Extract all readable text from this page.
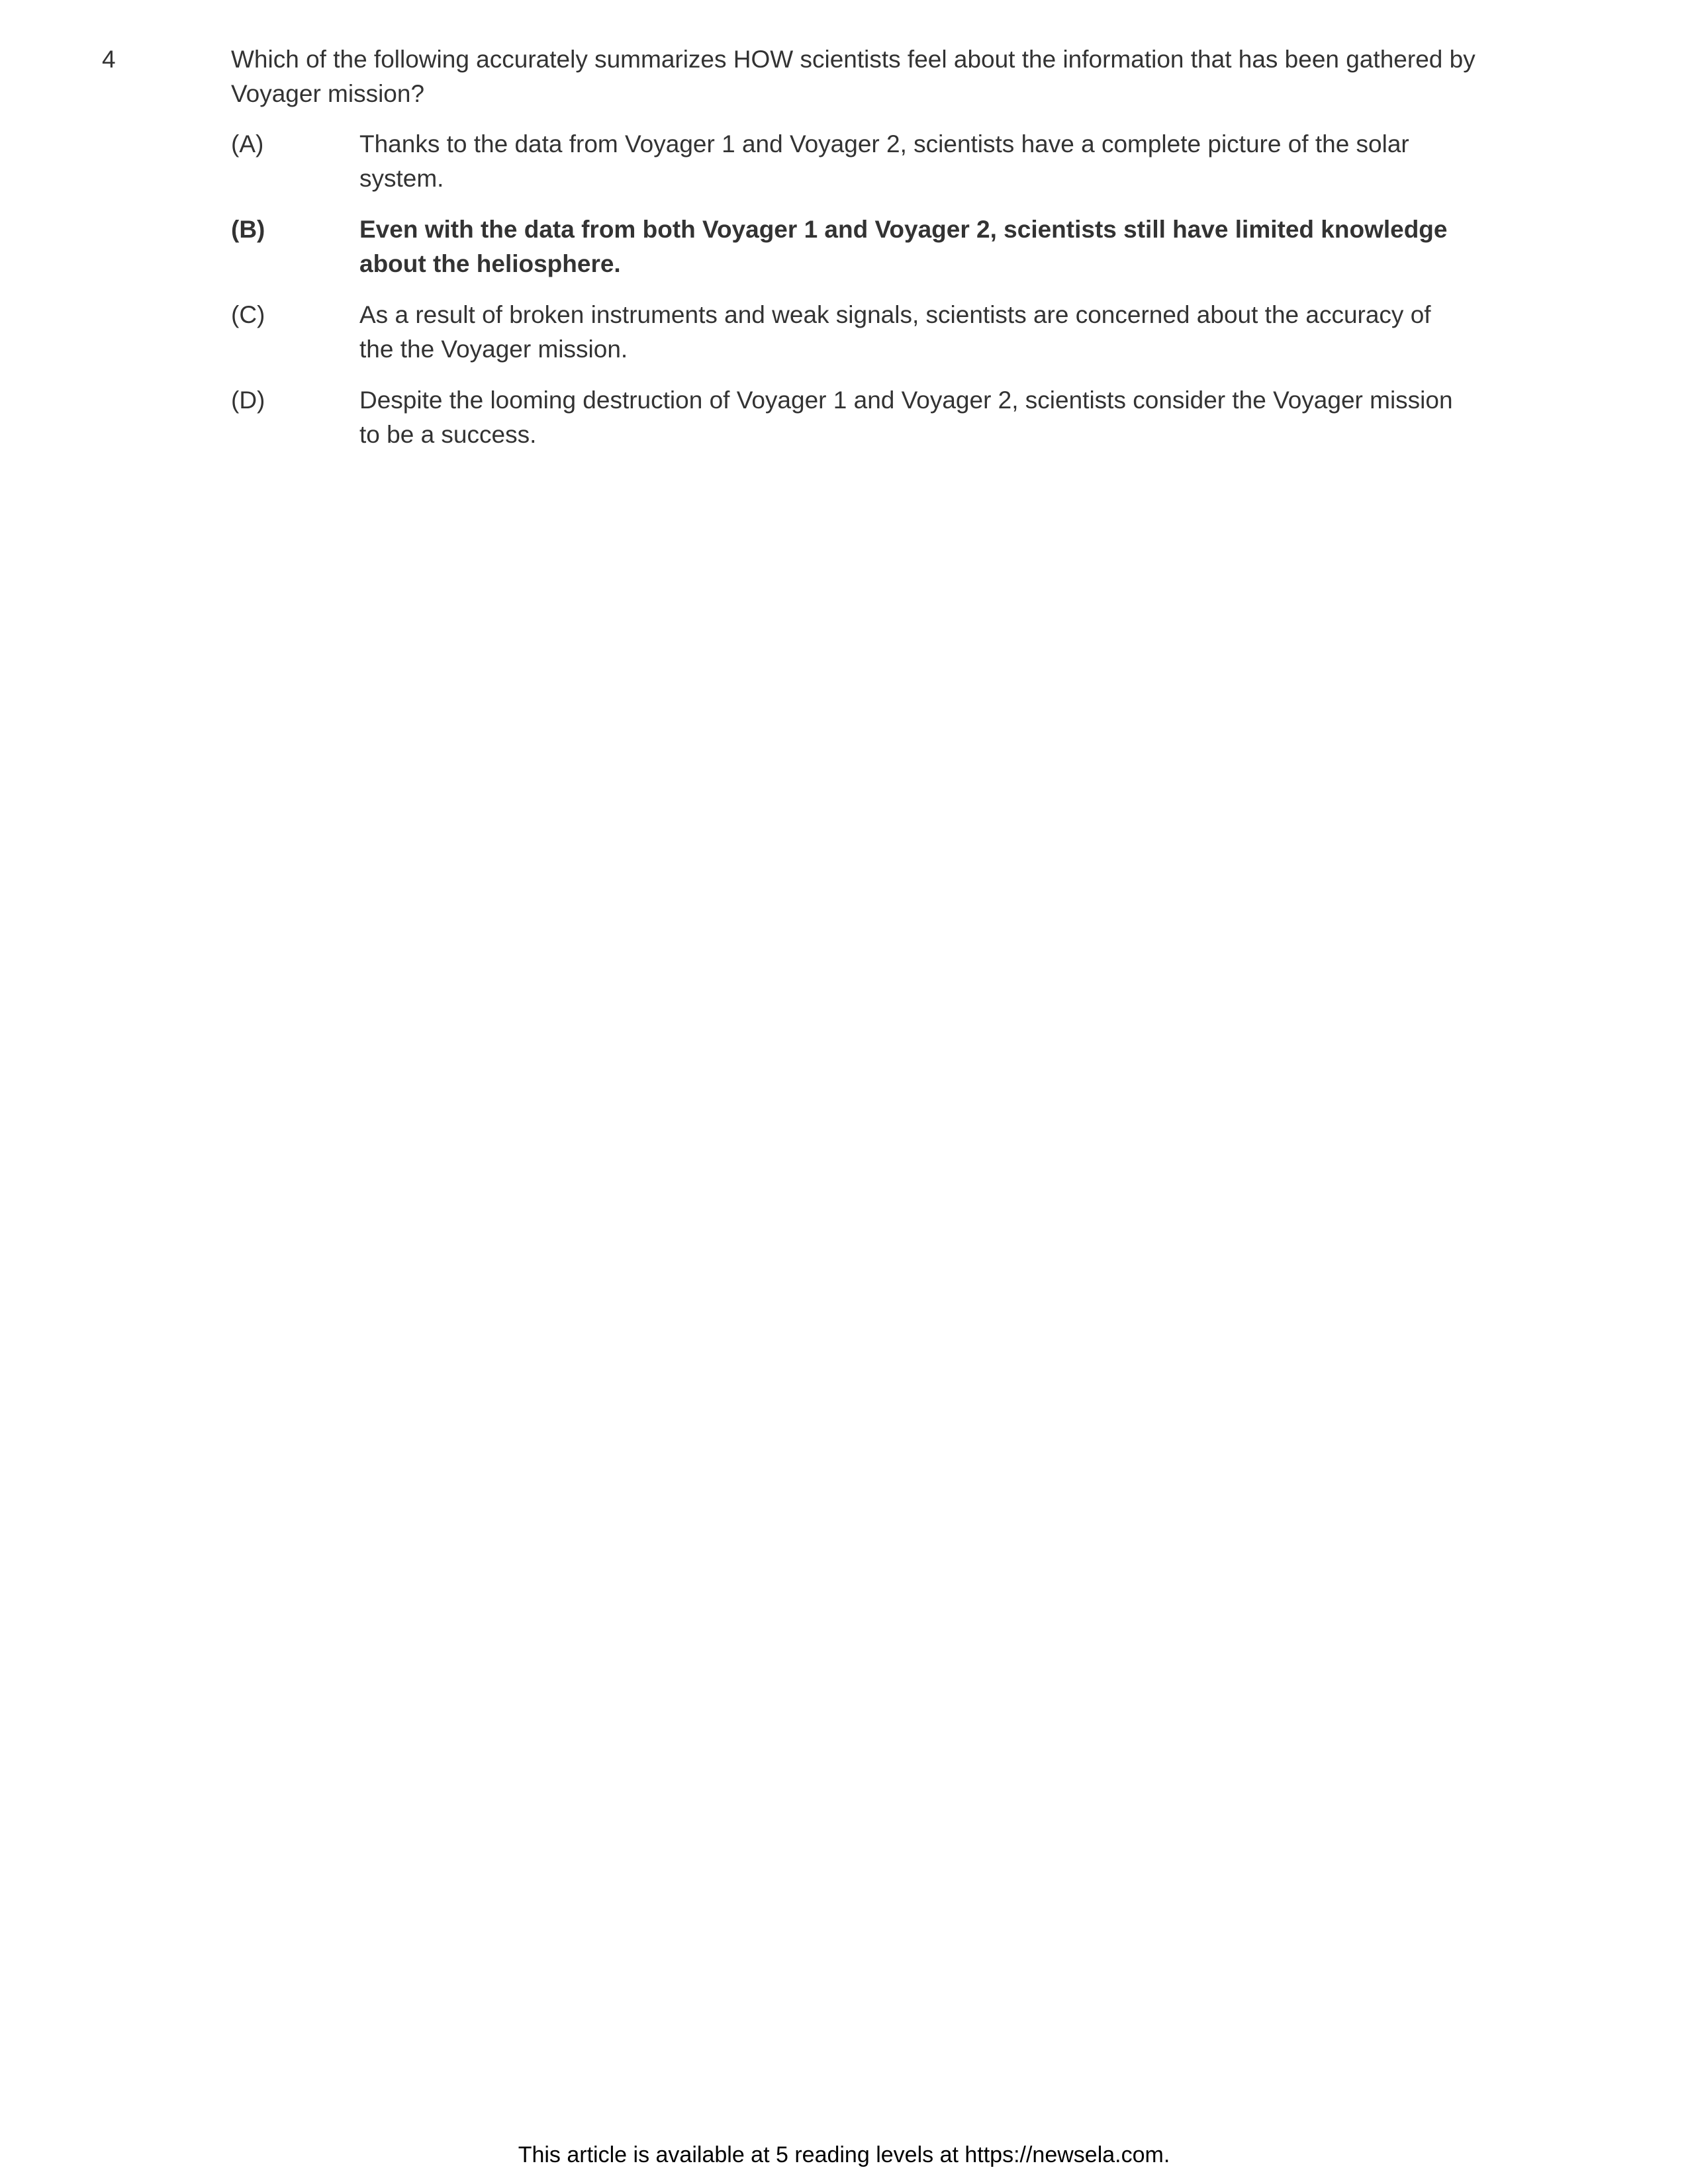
4	Which of the following accurately summarizes HOW scientists feel about the information that has been gathered by Voyager mission?
(A)	Thanks to the data from Voyager 1 and Voyager 2, scientists have a complete picture of the solar system.
(B)	Even with the data from both Voyager 1 and Voyager 2, scientists still have limited knowledge about the heliosphere.
(C)	As a result of broken instruments and weak signals, scientists are concerned about the accuracy of the the Voyager mission.
(D)	Despite the looming destruction of Voyager 1 and Voyager 2, scientists consider the Voyager mission to be a success.
This article is available at 5 reading levels at https://newsela.com.
